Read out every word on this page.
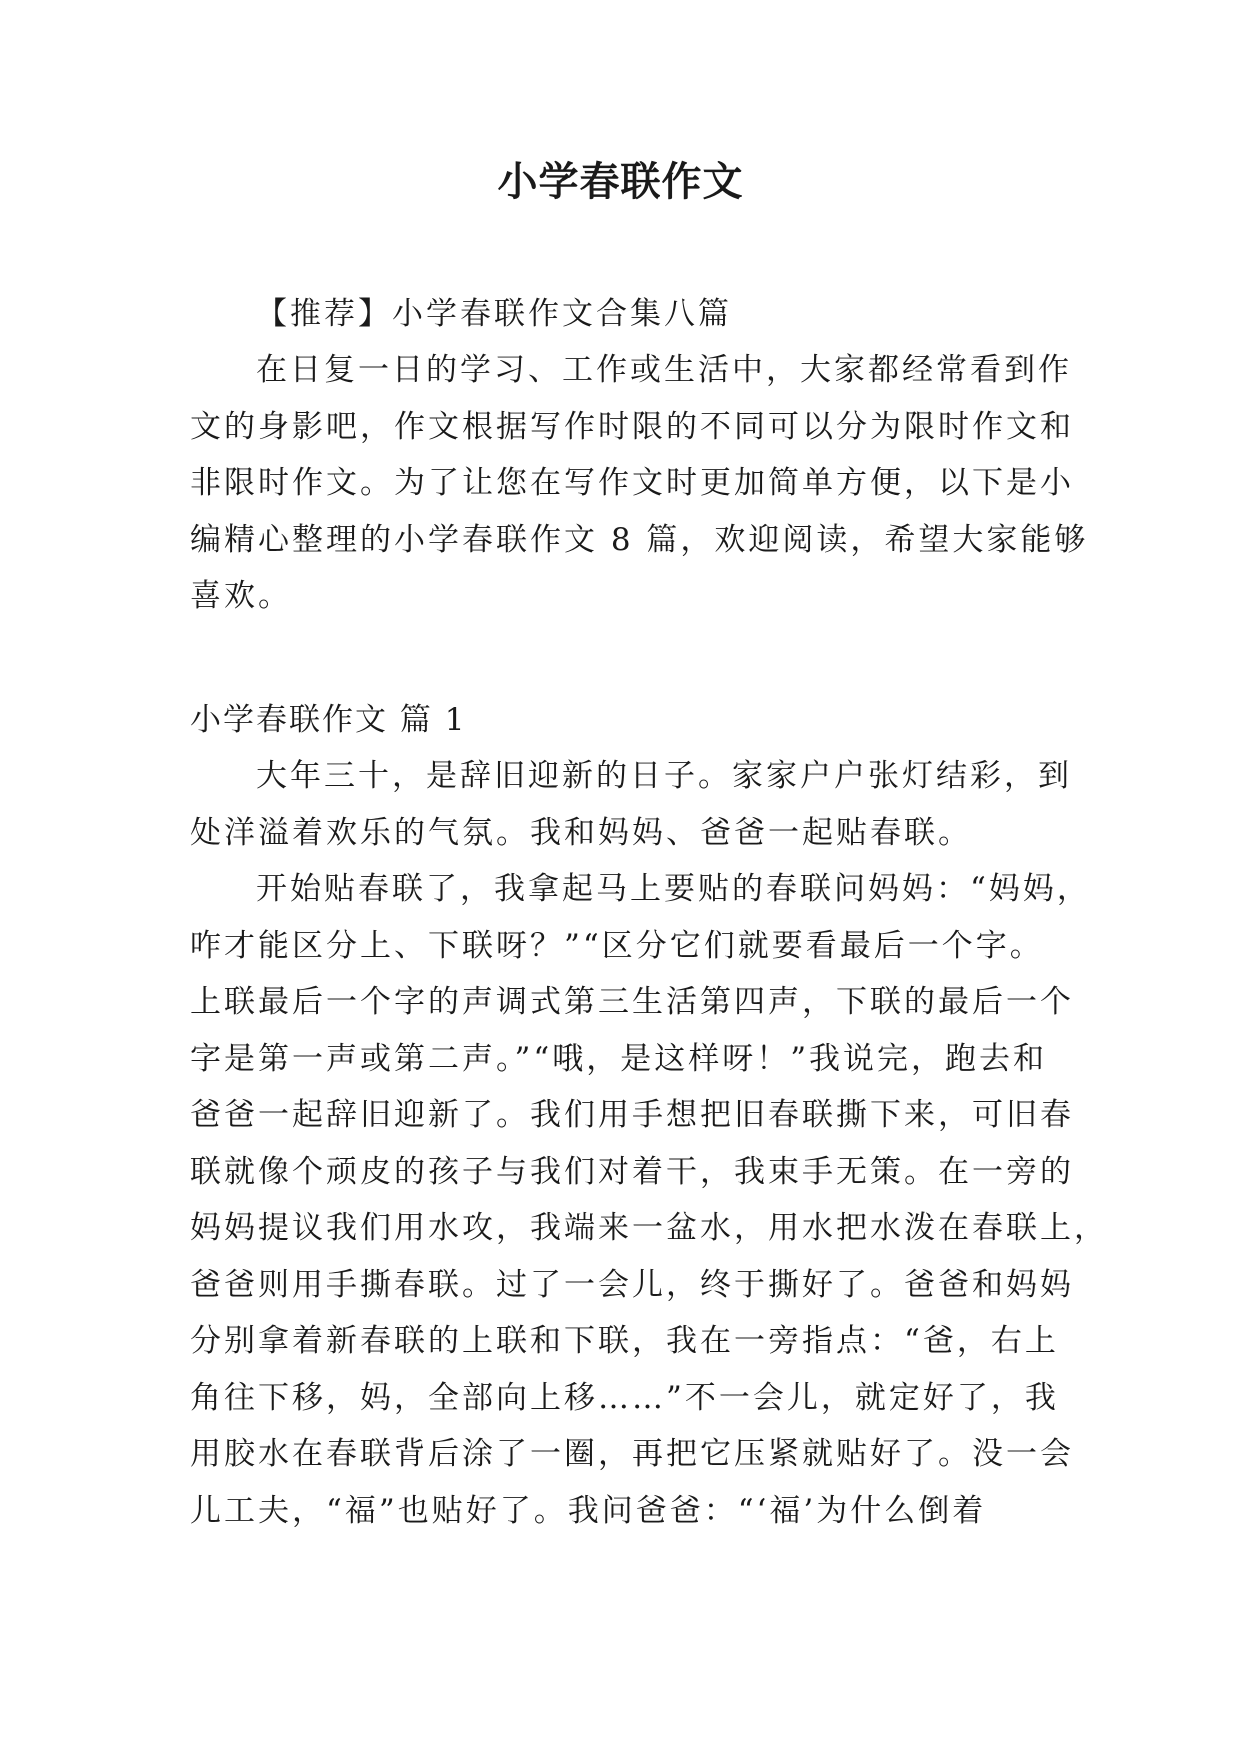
小学春联作文
【推荐】小学春联作文合集八篇
在日复一日的学习、工作或生活中，大家都经常看到作
文的身影吧，作文根据写作时限的不同可以分为限时作文和
非限时作文。为了让您在写作文时更加简单方便，以下是小
编精心整理的小学春联作文 8 篇，欢迎阅读，希望大家能够
喜欢。
小学春联作文 篇 1
大年三十，是辞旧迎新的日子。家家户户张灯结彩，到
处洋溢着欢乐的气氛。我和妈妈、爸爸一起贴春联。
开始贴春联了，我拿起马上要贴的春联问妈妈：“妈妈，
咋才能区分上、下联呀？”“区分它们就要看最后一个字。
上联最后一个字的声调式第三生活第四声，下联的最后一个
字是第一声或第二声。”“哦，是这样呀！”我说完，跑去和
爸爸一起辞旧迎新了。我们用手想把旧春联撕下来，可旧春
联就像个顽皮的孩子与我们对着干，我束手无策。在一旁的
妈妈提议我们用水攻，我端来一盆水，用水把水泼在春联上，
爸爸则用手撕春联。过了一会儿，终于撕好了。爸爸和妈妈
分别拿着新春联的上联和下联，我在一旁指点：“爸，右上
角往下移，妈，全部向上移……”不一会儿，就定好了，我
用胶水在春联背后涂了一圈，再把它压紧就贴好了。没一会
儿工夫，“福”也贴好了。我问爸爸：“‘福’为什么倒着
